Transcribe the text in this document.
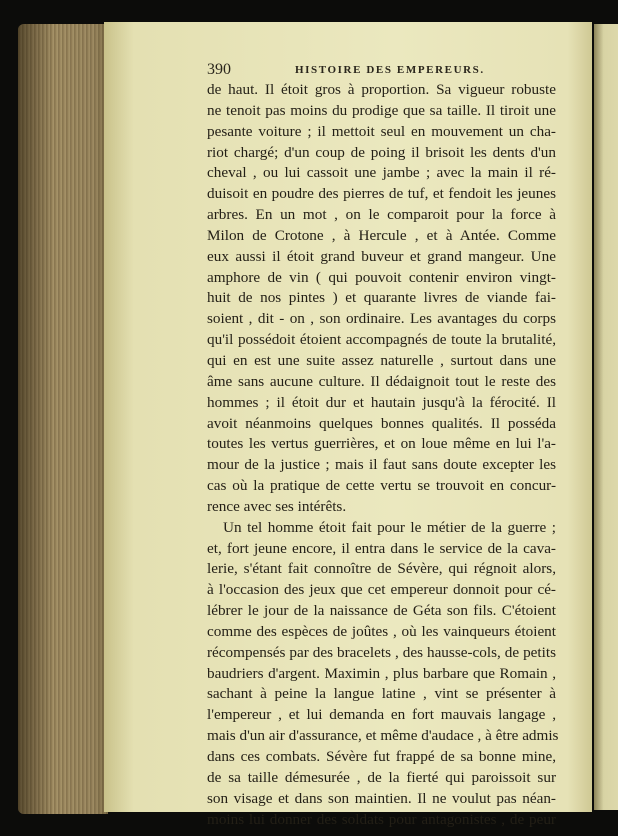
390	HISTOIRE DES EMPEREURS.
de haut. Il étoit gros à proportion. Sa vigueur robuste
ne tenoit pas moins du prodige que sa taille. Il tiroit une
pesante voiture ; il mettoit seul en mouvement un cha-
riot chargé; d'un coup de poing il brisoit les dents d'un
cheval , ou lui cassoit une jambe ; avec la main il ré-
duisoit en poudre des pierres de tuf, et fendoit les jeunes
arbres. En un mot , on le comparoit pour la force à
Milon de Crotone , à Hercule , et à Antée. Comme
eux aussi il étoit grand buveur et grand mangeur. Une
amphore de vin ( qui pouvoit contenir environ vingt-
huit de nos pintes ) et quarante livres de viande fai-
soient , dit - on , son ordinaire. Les avantages du corps
qu'il possédoit étoient accompagnés de toute la brutalité,
qui en est une suite assez naturelle , surtout dans une
âme sans aucune culture. Il dédaignoit tout le reste des
hommes ; il étoit dur et hautain jusqu'à la férocité. Il
avoit néanmoins quelques bonnes qualités. Il posséda
toutes les vertus guerrières, et on loue même en lui l'a-
mour de la justice ; mais il faut sans doute excepter les
cas où la pratique de cette vertu se trouvoit en concur-
rence avec ses intérêts.
Un tel homme étoit fait pour le métier de la guerre ;
et, fort jeune encore, il entra dans le service de la cava-
lerie, s'étant fait connoître de Sévère, qui régnoit alors,
à l'occasion des jeux que cet empereur donnoit pour cé-
lébrer le jour de la naissance de Géta son fils. C'étoient
comme des espèces de joûtes , où les vainqueurs étoient
récompensés par des bracelets , des hausse-cols, de petits
baudriers d'argent. Maximin , plus barbare que Romain ,
sachant à peine la langue latine , vint se présenter à
l'empereur , et lui demanda en fort mauvais langage ,
mais d'un air d'assurance, et même d'audace , à être admis
dans ces combats. Sévère fut frappé de sa bonne mine,
de sa taille démesurée , de la fierté qui paroissoit sur
son visage et dans son maintien. Il ne voulut pas néan-
moins lui donner des soldats pour antagonistes , de peur
